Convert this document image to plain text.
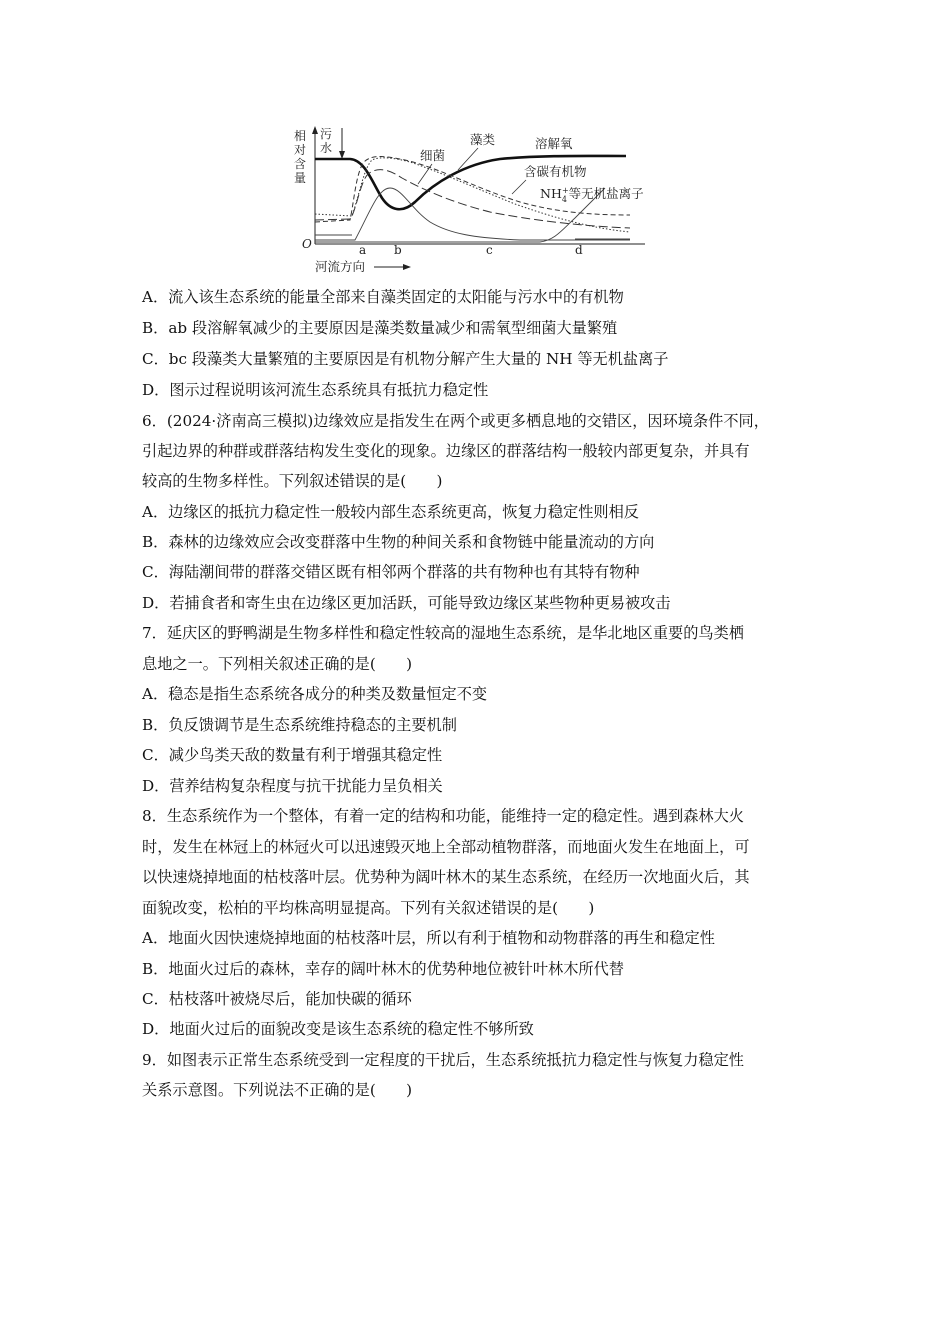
相对含量
O
污
水
a b	c	d
河流方向
藻类
细菌
溶解氧
含碳有机物
$NH_4+$等无机盐离子
A．流入该生态系统的能量全部来自藻类固定的太阳能与污水中的有机物
B．ab 段溶解氧减少的主要原因是藻类数量减少和需氧型细菌大量繁殖
C．bc 段藻类大量繁殖的主要原因是有机物分解产生大量的 NH 等无机盐离子
D．图示过程说明该河流生态系统具有抵抗力稳定性
6．(2024·济南高三模拟)边缘效应是指发生在两个或更多栖息地的交错区，因环境条件不同，
引起边界的种群或群落结构发生变化的现象。边缘区的群落结构一般较内部更复杂，并具有
较高的生物多样性。下列叙述错误的是(　　)
A．边缘区的抵抗力稳定性一般较内部生态系统更高，恢复力稳定性则相反
B．森林的边缘效应会改变群落中生物的种间关系和食物链中能量流动的方向
C．海陆潮间带的群落交错区既有相邻两个群落的共有物种也有其特有物种
D．若捕食者和寄生虫在边缘区更加活跃，可能导致边缘区某些物种更易被攻击
7．延庆区的野鸭湖是生物多样性和稳定性较高的湿地生态系统，是华北地区重要的鸟类栖
息地之一。下列相关叙述正确的是(　　)
A．稳态是指生态系统各成分的种类及数量恒定不变
B．负反馈调节是生态系统维持稳态的主要机制
C．减少鸟类天敌的数量有利于增强其稳定性
D．营养结构复杂程度与抗干扰能力呈负相关
8．生态系统作为一个整体，有着一定的结构和功能，能维持一定的稳定性。遇到森林大火
时，发生在林冠上的林冠火可以迅速毁灭地上全部动植物群落，而地面火发生在地面上，可
以快速烧掉地面的枯枝落叶层。优势种为阔叶林木的某生态系统，在经历一次地面火后，其
面貌改变，松柏的平均株高明显提高。下列有关叙述错误的是(　　)
A．地面火因快速烧掉地面的枯枝落叶层，所以有利于植物和动物群落的再生和稳定性
B．地面火过后的森林，幸存的阔叶林木的优势种地位被针叶林木所代替
C．枯枝落叶被烧尽后，能加快碳的循环
D．地面火过后的面貌改变是该生态系统的稳定性不够所致
9．如图表示正常生态系统受到一定程度的干扰后，生态系统抵抗力稳定性与恢复力稳定性
关系示意图。下列说法不正确的是(　　)
